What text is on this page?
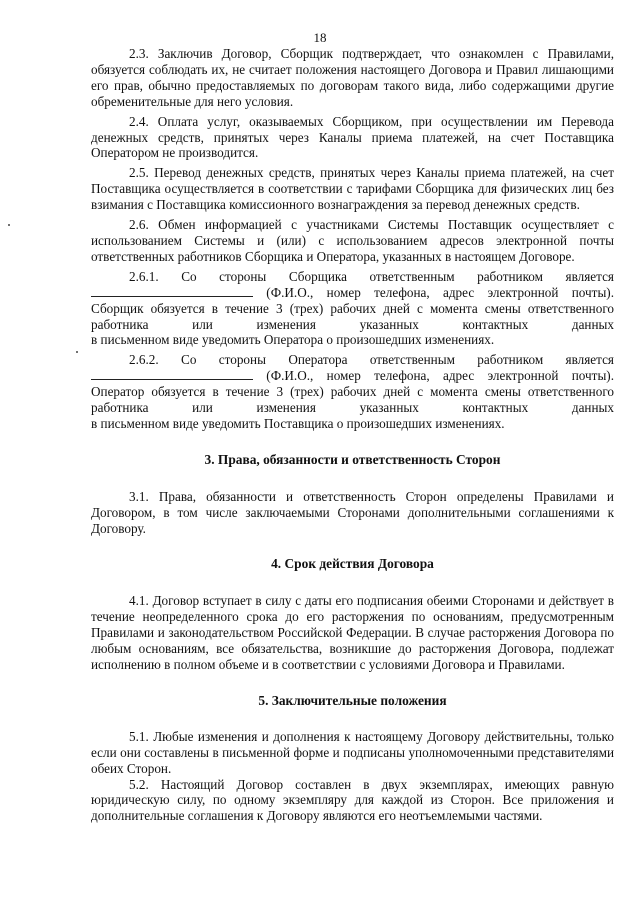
18

2.3. Заключив Договор, Сборщик подтверждает, что ознакомлен с Правилами, обязуется соблюдать их, не считает положения настоящего Договора и Правил лишающими его прав, обычно предоставляемых по договорам такого вида, либо содержащими другие обременительные для него условия.

2.4. Оплата услуг, оказываемых Сборщиком, при осуществлении им Перевода денежных средств, принятых через Каналы приема платежей, на счет Поставщика Оператором не производится.

2.5. Перевод денежных средств, принятых через Каналы приема платежей, на счет Поставщика осуществляется в соответствии с тарифами Сборщика для физических лиц без взимания с Поставщика комиссионного вознаграждения за перевод денежных средств.

2.6. Обмен информацией с участниками Системы Поставщик осуществляет с использованием Системы и (или) с использованием адресов электронной почты ответственных работников Сборщика и Оператора, указанных в настоящем Договоре.

2.6.1. Со стороны Сборщика ответственным работником является

(Ф.И.О., номер телефона, адрес электронной почты).

Сборщик обязуется в течение 3 (трех) рабочих дней с момента смены ответственного

работника	или	изменения	указанных	контактных	данных

в письменном виде уведомить Оператора о произошедших изменениях.

2.6.2. Со стороны Оператора ответственным работником является

(Ф.И.О., номер телефона, адрес электронной почты).

Оператор обязуется в течение 3 (трех) рабочих дней с момента смены ответственного

работника	или	изменения	указанных	контактных	данных

в письменном виде уведомить Поставщика о произошедших изменениях.

3. Права, обязанности и ответственность Сторон

3.1. Права, обязанности и ответственность Сторон определены Правилами и Договором, в том числе заключаемыми Сторонами дополнительными соглашениями к Договору.

4. Срок действия Договора

4.1. Договор вступает в силу с даты его подписания обеими Сторонами и действует в течение неопределенного срока до его расторжения по основаниям, предусмотренным Правилами и законодательством Российской Федерации. В случае расторжения Договора по любым основаниям, все обязательства, возникшие до расторжения Договора, подлежат исполнению в полном объеме и в соответствии с условиями Договора и Правилами.

5. Заключительные положения

5.1. Любые изменения и дополнения к настоящему Договору действительны, только если они составлены в письменной форме и подписаны уполномоченными представителями обеих Сторон.

5.2. Настоящий Договор составлен в двух экземплярах, имеющих равную юридическую силу, по одному экземпляру для каждой из Сторон. Все приложения и дополнительные соглашения к Договору являются его неотъемлемыми частями.
